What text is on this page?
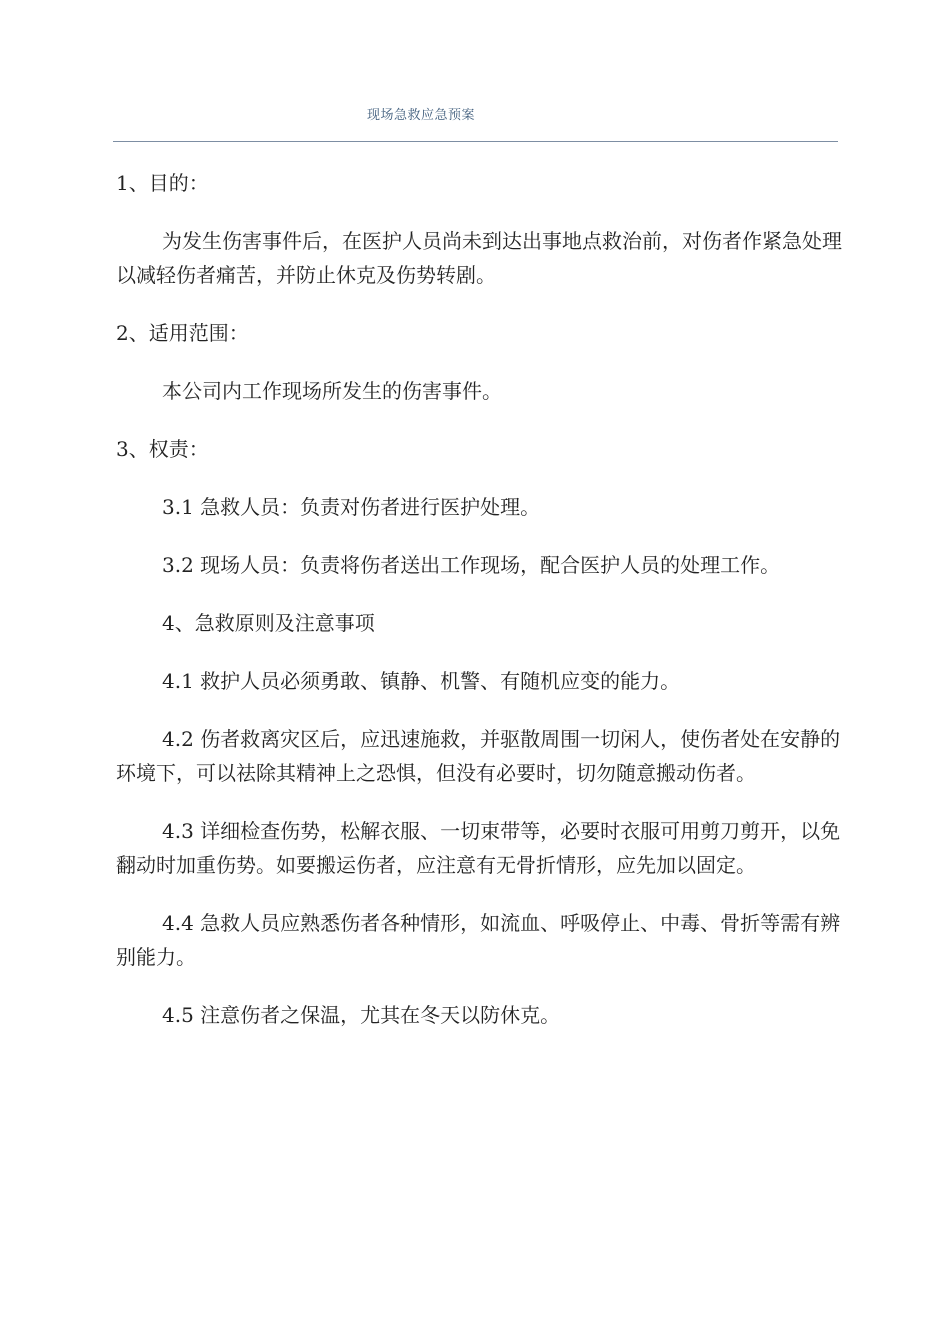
现场急救应急预案

1、目的：

为发生伤害事件后，在医护人员尚未到达出事地点救治前，对伤者作紧急处理以减轻伤者痛苦，并防止休克及伤势转剧。

2、适用范围：

本公司内工作现场所发生的伤害事件。

3、权责：

3.1 急救人员：负责对伤者进行医护处理。

3.2 现场人员：负责将伤者送出工作现场，配合医护人员的处理工作。

4、急救原则及注意事项

4.1 救护人员必须勇敢、镇静、机警、有随机应变的能力。

4.2 伤者救离灾区后，应迅速施救，并驱散周围一切闲人，使伤者处在安静的环境下，可以祛除其精神上之恐惧，但没有必要时，切勿随意搬动伤者。

4.3 详细检查伤势，松解衣服、一切束带等，必要时衣服可用剪刀剪开，以免翻动时加重伤势。如要搬运伤者，应注意有无骨折情形，应先加以固定。

4.4 急救人员应熟悉伤者各种情形，如流血、呼吸停止、中毒、骨折等需有辨别能力。

4.5 注意伤者之保温，尤其在冬天以防休克。
